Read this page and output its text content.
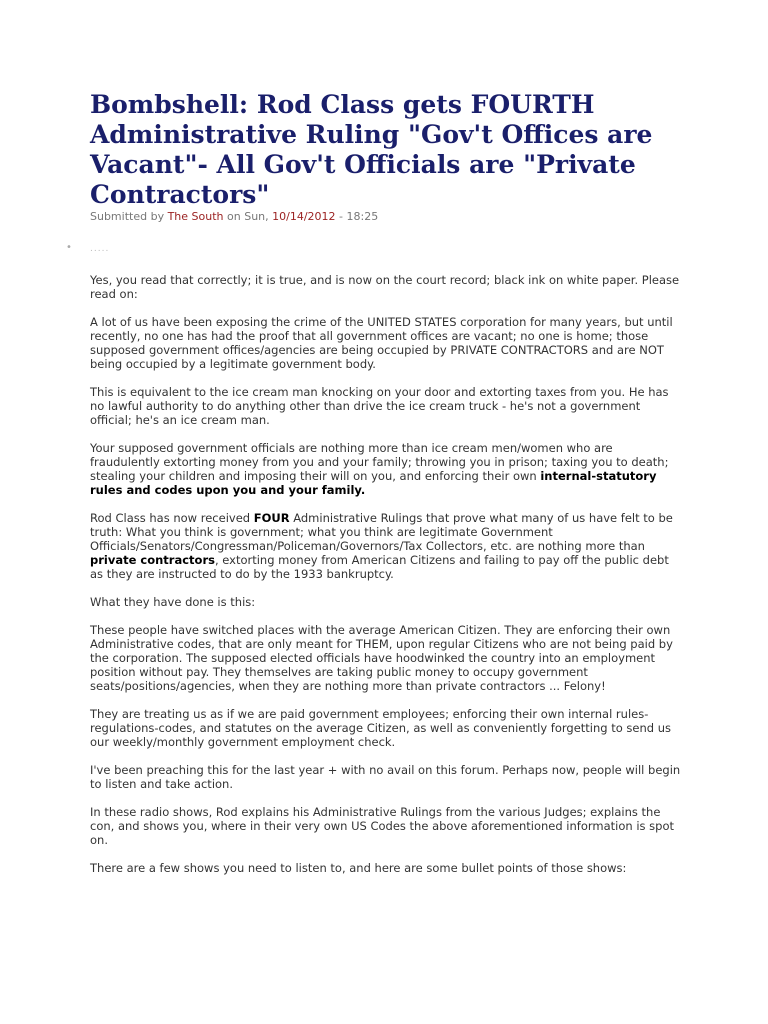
Bombshell: Rod Class gets FOURTH Administrative Ruling "Gov't Offices are Vacant"- All Gov't Officials are "Private Contractors"
Submitted by The South on Sun, 10/14/2012 - 18:25
• .....

Yes, you read that correctly; it is true, and is now on the court record; black ink on white paper. Please read on:

A lot of us have been exposing the crime of the UNITED STATES corporation for many years, but until recently, no one has had the proof that all government offices are vacant; no one is home; those supposed government offices/agencies are being occupied by PRIVATE CONTRACTORS and are NOT being occupied by a legitimate government body.

This is equivalent to the ice cream man knocking on your door and extorting taxes from you. He has no lawful authority to do anything other than drive the ice cream truck - he's not a government official; he's an ice cream man.

Your supposed government officials are nothing more than ice cream men/women who are fraudulently extorting money from you and your family; throwing you in prison; taxing you to death; stealing your children and imposing their will on you, and enforcing their own internal-statutory rules and codes upon you and your family.

Rod Class has now received FOUR Administrative Rulings that prove what many of us have felt to be truth: What you think is government; what you think are legitimate Government Officials/Senators/Congressman/Policeman/Governors/Tax Collectors, etc. are nothing more than private contractors, extorting money from American Citizens and failing to pay off the public debt as they are instructed to do by the 1933 bankruptcy.

What they have done is this:

These people have switched places with the average American Citizen. They are enforcing their own Administrative codes, that are only meant for THEM, upon regular Citizens who are not being paid by the corporation. The supposed elected officials have hoodwinked the country into an employment position without pay. They themselves are taking public money to occupy government seats/positions/agencies, when they are nothing more than private contractors ... Felony!

They are treating us as if we are paid government employees; enforcing their own internal rules-regulations-codes, and statutes on the average Citizen, as well as conveniently forgetting to send us our weekly/monthly government employment check.

I've been preaching this for the last year + with no avail on this forum. Perhaps now, people will begin to listen and take action.

In these radio shows, Rod explains his Administrative Rulings from the various Judges; explains the con, and shows you, where in their very own US Codes the above aforementioned information is spot on.

There are a few shows you need to listen to, and here are some bullet points of those shows:
